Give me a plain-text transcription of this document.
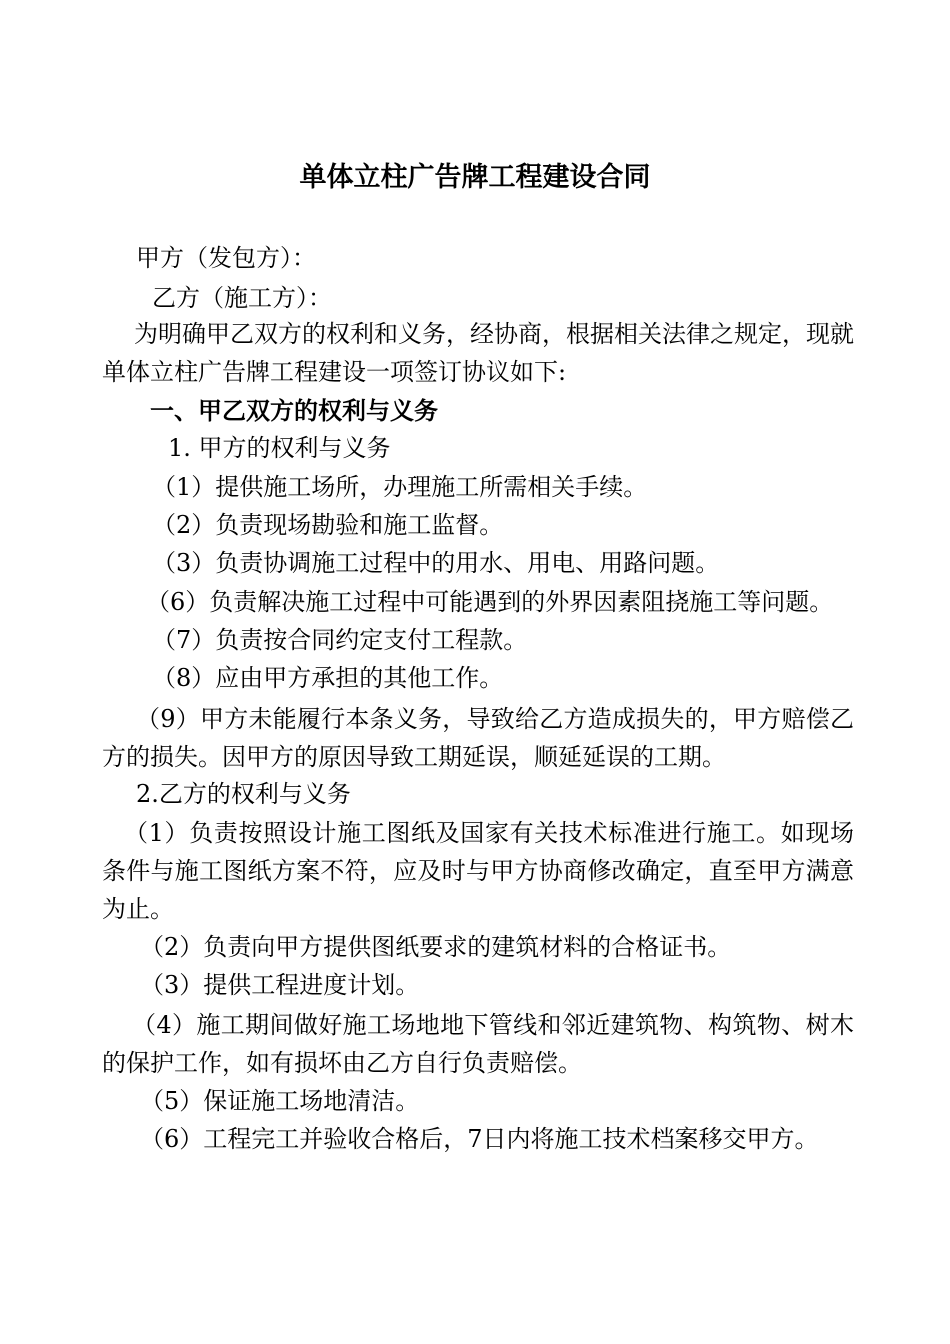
单体立柱广告牌工程建设合同
甲方（发包方）：
乙方（施工方）：
为明确甲乙双方的权利和义务，经协商，根据相关法律之规定，现就单体立柱广告牌工程建设一项签订协议如下:
一、甲乙双方的权利与义务
1. 甲方的权利与义务
（1）提供施工场所，办理施工所需相关手续。
（2）负责现场勘验和施工监督。
（3）负责协调施工过程中的用水、用电、用路问题。
（6）负责解决施工过程中可能遇到的外界因素阻挠施工等问题。
（7）负责按合同约定支付工程款。
（8）应由甲方承担的其他工作。
（9）甲方未能履行本条义务，导致给乙方造成损失的，甲方赔偿乙方的损失。因甲方的原因导致工期延误，顺延延误的工期。
2.乙方的权利与义务
（1）负责按照设计施工图纸及国家有关技术标准进行施工。如现场条件与施工图纸方案不符，应及时与甲方协商修改确定，直至甲方满意为止。
（2）负责向甲方提供图纸要求的建筑材料的合格证书。
（3）提供工程进度计划。
（4）施工期间做好施工场地地下管线和邻近建筑物、构筑物、树木的保护工作，如有损坏由乙方自行负责赔偿。
（5）保证施工场地清洁。
（6）工程完工并验收合格后，7日内将施工技术档案移交甲方。
